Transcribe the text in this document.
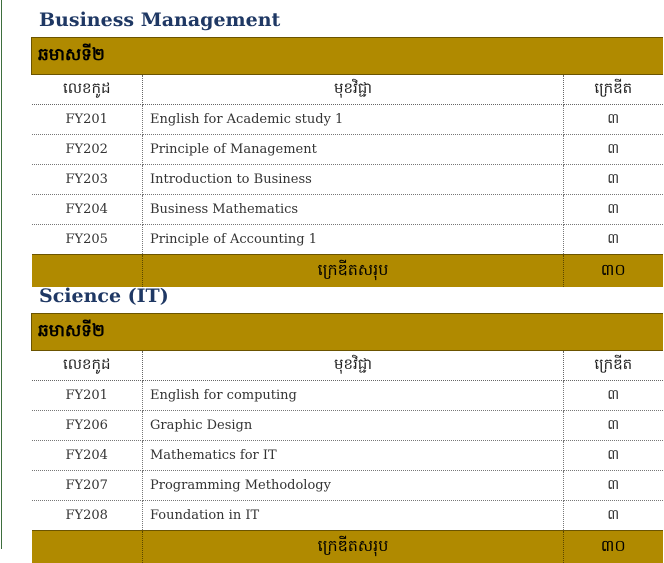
Business Management
ឆមាសទី២		
លេខកូដ	មុខវិជ្ជា	ក្រេឌីត
FY201	English for Academic study 1	៣
FY202	Principle of Management	៣
FY203	Introduction to Business	៣
FY204	Business Mathematics	៣
FY205	Principle of Accounting 1	៣
	ក្រេឌីតសរុប	៣០
Science (IT)
ឆមាសទី២		
លេខកូដ	មុខវិជ្ជា	ក្រេឌីត
FY201	English for computing	៣
FY206	Graphic Design	៣
FY204	Mathematics for IT	៣
FY207	Programming Methodology	៣
FY208	Foundation in IT	៣
	ក្រេឌីតសរុប	៣០
